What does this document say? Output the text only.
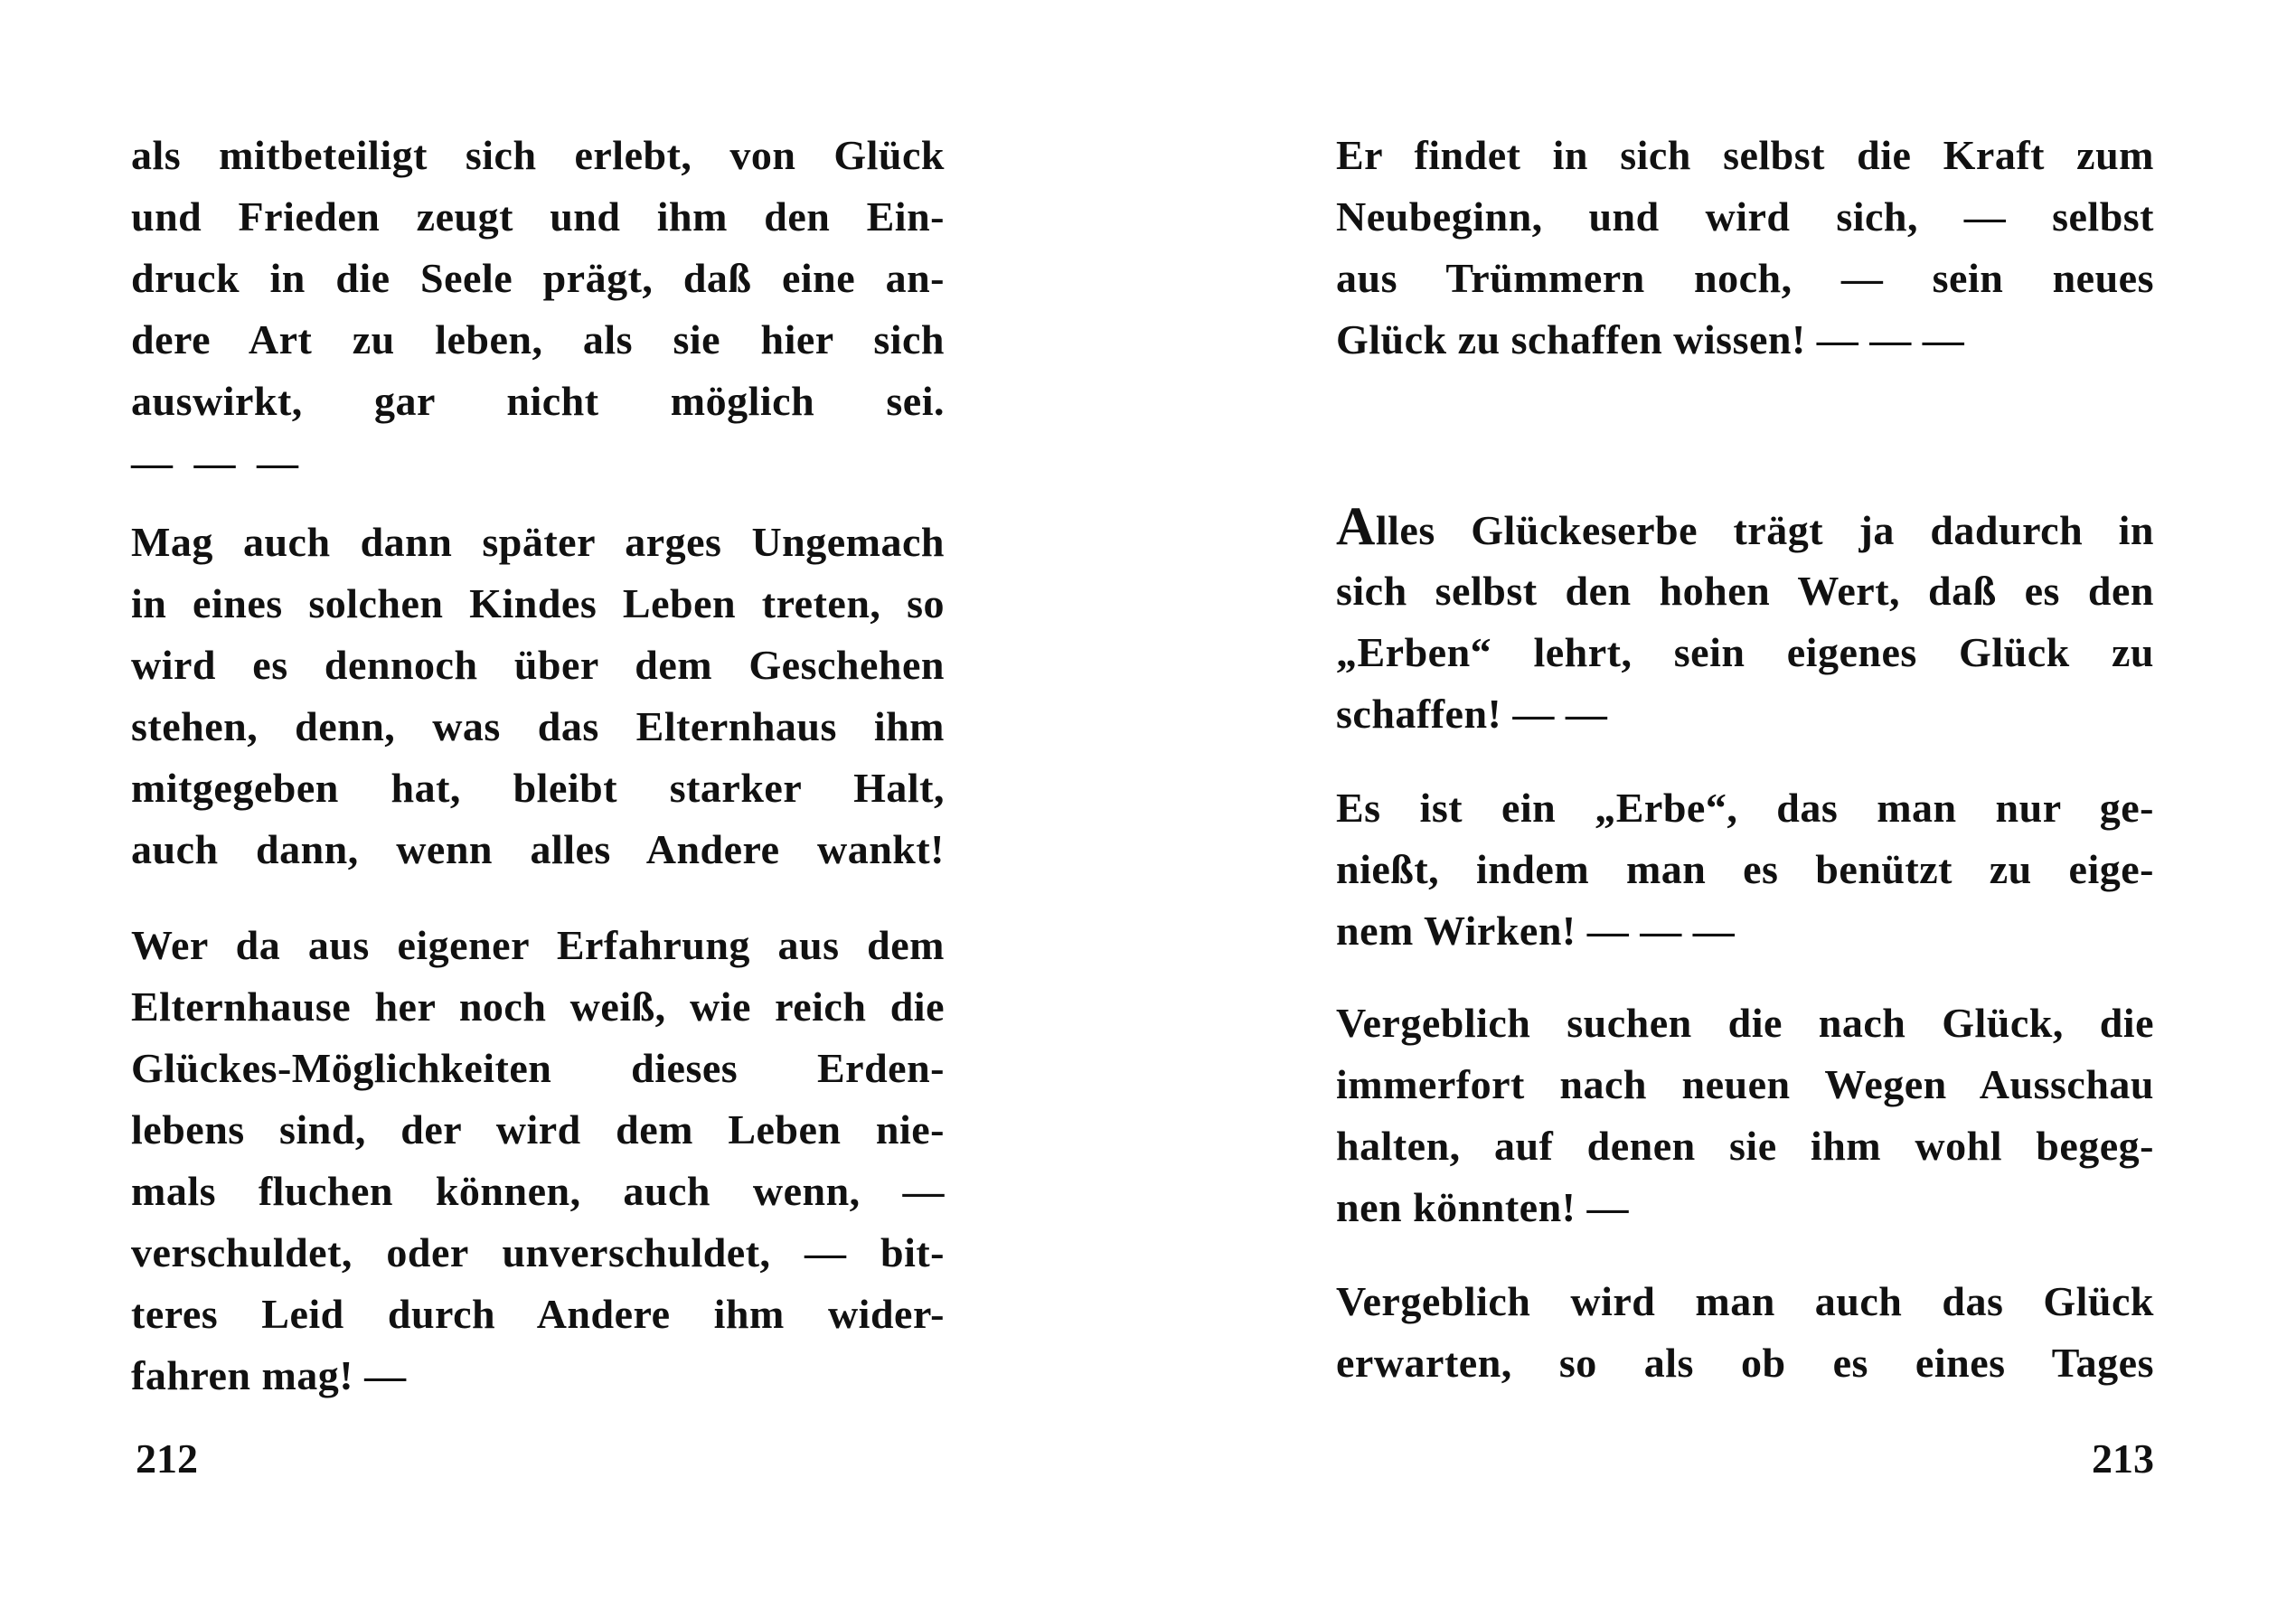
als mitbeteiligt sich erlebt, von Glück
und Frieden zeugt und ihm den Ein-
druck in die Seele prägt, daß eine an-
dere Art zu leben, als sie hier sich
auswirkt, gar nicht möglich sei.
— — —
Mag auch dann später arges Ungemach
in eines solchen Kindes Leben treten, so
wird es dennoch über dem Geschehen
stehen, denn, was das Elternhaus ihm
mitgegeben hat, bleibt starker Halt,
auch dann, wenn alles Andere wankt!
Wer da aus eigener Erfahrung aus dem
Elternhause her noch weiß, wie reich die
Glückes-Möglichkeiten dieses Erden-
lebens sind, der wird dem Leben nie-
mals fluchen können, auch wenn, —
verschuldet, oder unverschuldet, — bit-
teres Leid durch Andere ihm wider-
fahren mag! —
212
Er findet in sich selbst die Kraft zum
Neubeginn, und wird sich, — selbst
aus Trümmern noch, — sein neues
Glück zu schaffen wissen! — — —
Alles Glückeserbe trägt ja dadurch in
sich selbst den hohen Wert, daß es den
„Erben“ lehrt, sein eigenes Glück zu
schaffen! — —
Es ist ein „Erbe“, das man nur ge-
nießt, indem man es benützt zu eige-
nem Wirken! — — —
Vergeblich suchen die nach Glück, die
immerfort nach neuen Wegen Ausschau
halten, auf denen sie ihm wohl begeg-
nen könnten! —
Vergeblich wird man auch das Glück
erwarten, so als ob es eines Tages
213
